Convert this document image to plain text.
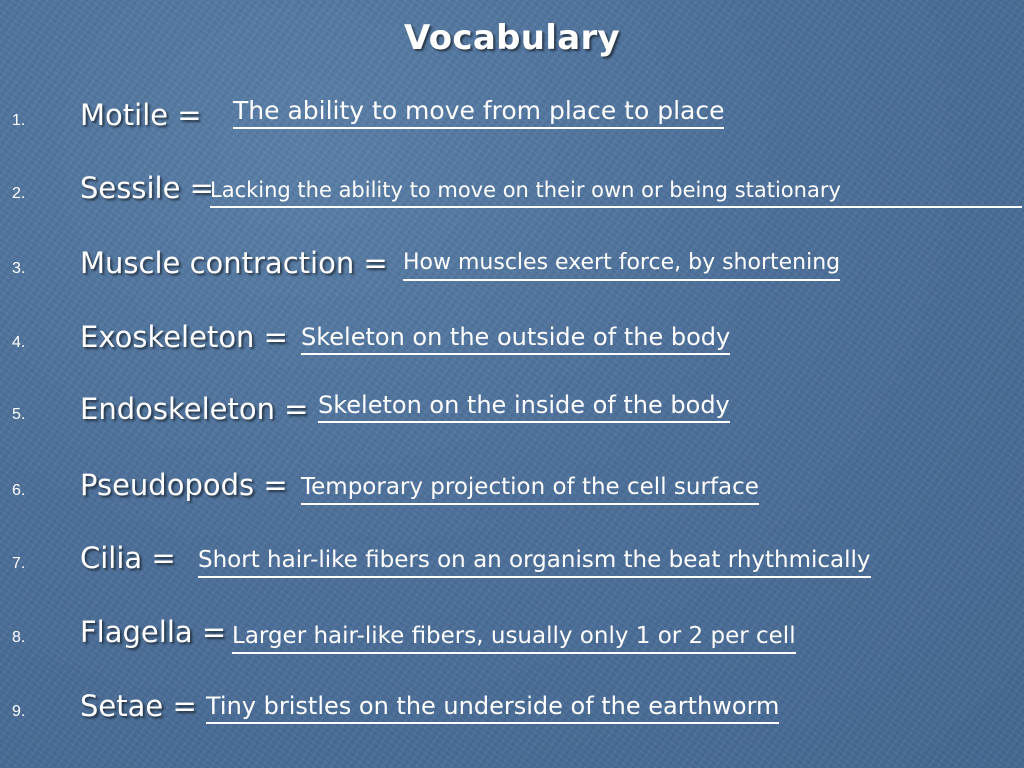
Vocabulary
1. Motile = The ability to move from place to place
2. Sessile =
Lacking the ability to move on their own or being stationary
3. Muscle contraction = How muscles exert force, by shortening
4. Exoskeleton = Skeleton on the outside of the body
5. Endoskeleton = Skeleton on the inside of the body
6. Pseudopods = Temporary projection of the cell surface
7. Cilia = Short hair-like fibers on an organism the beat rhythmically
8. Flagella = Larger hair-like fibers, usually only 1 or 2 per cell
9. Setae = Tiny bristles on the underside of the earthworm
